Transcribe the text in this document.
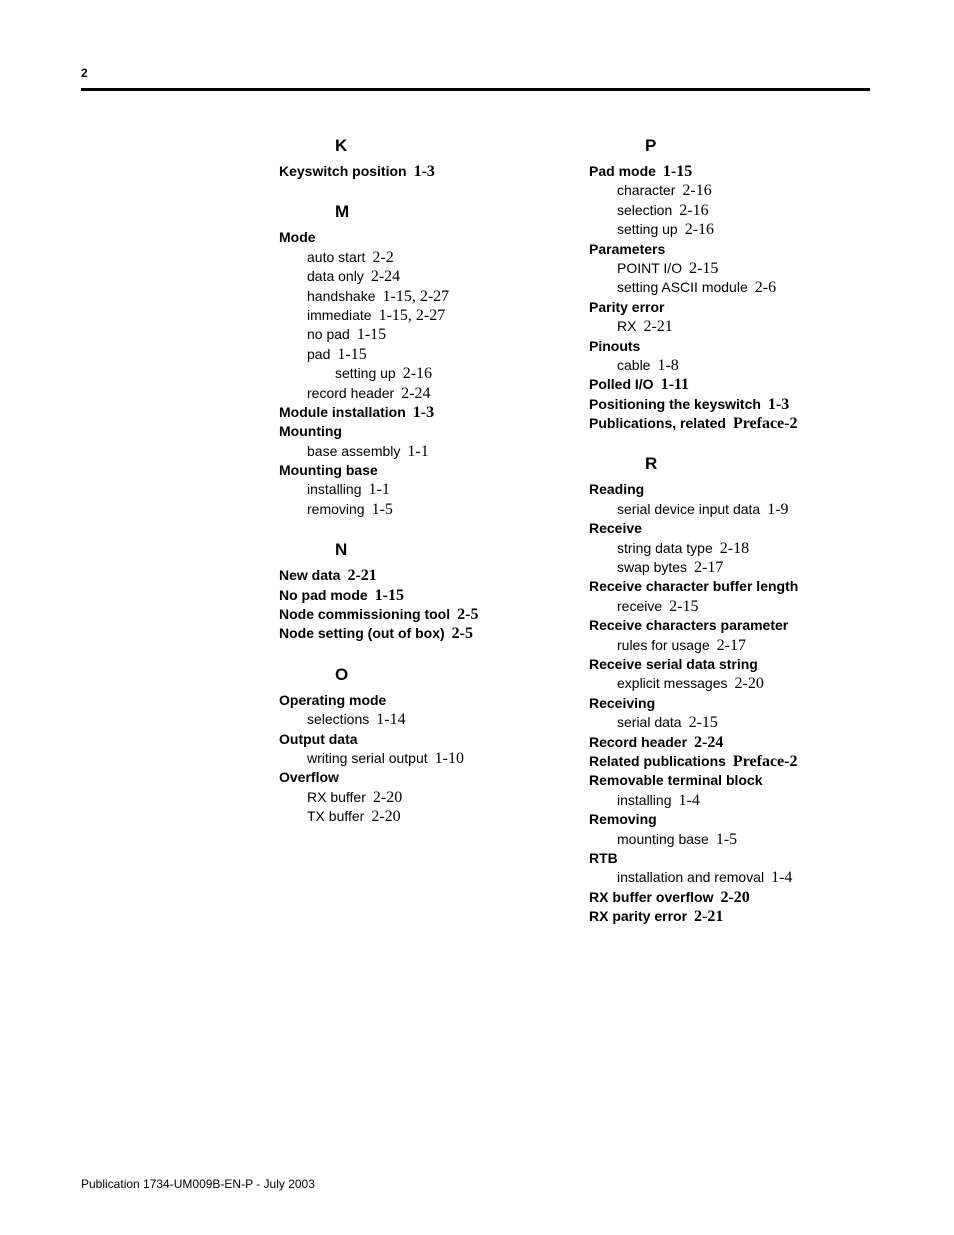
2
K
Keyswitch position 1-3
M
Mode
auto start 2-2
data only 2-24
handshake 1-15, 2-27
immediate 1-15, 2-27
no pad 1-15
pad 1-15
setting up 2-16
record header 2-24
Module installation 1-3
Mounting
base assembly 1-1
Mounting base
installing 1-1
removing 1-5
N
New data 2-21
No pad mode 1-15
Node commissioning tool 2-5
Node setting (out of box) 2-5
O
Operating mode
selections 1-14
Output data
writing serial output 1-10
Overflow
RX buffer 2-20
TX buffer 2-20
P
Pad mode 1-15
character 2-16
selection 2-16
setting up 2-16
Parameters
POINT I/O 2-15
setting ASCII module 2-6
Parity error
RX 2-21
Pinouts
cable 1-8
Polled I/O 1-11
Positioning the keyswitch 1-3
Publications, related Preface-2
R
Reading
serial device input data 1-9
Receive
string data type 2-18
swap bytes 2-17
Receive character buffer length
receive 2-15
Receive characters parameter
rules for usage 2-17
Receive serial data string
explicit messages 2-20
Receiving
serial data 2-15
Record header 2-24
Related publications Preface-2
Removable terminal block
installing 1-4
Removing
mounting base 1-5
RTB
installation and removal 1-4
RX buffer overflow 2-20
RX parity error 2-21
Publication 1734-UM009B-EN-P - July 2003
